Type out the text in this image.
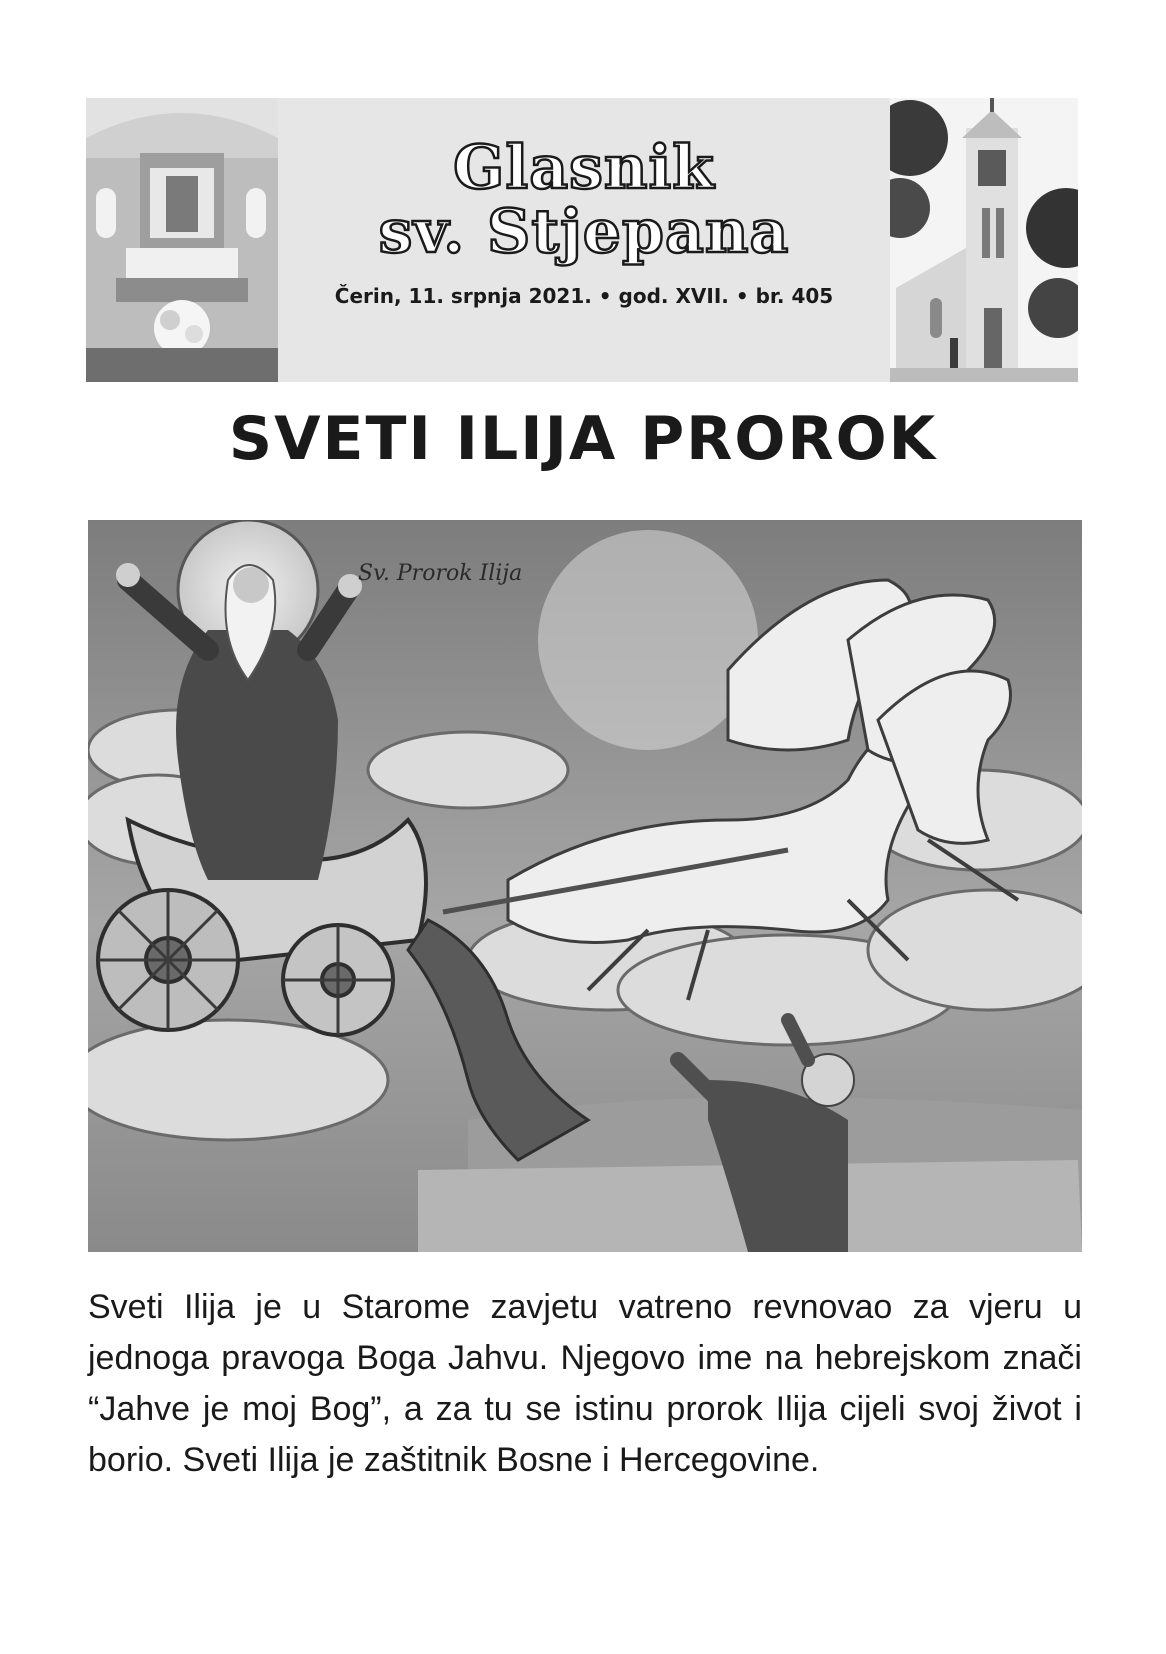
Glasnik
sv. Stjepana
Čerin, 11. srpnja 2021. • god. XVII. • br. 405
SVETI ILIJA PROROK
Sv. Prorok Ilija
Sveti Ilija je u Starome zavjetu vatreno revnovao za vjeru u jednoga pravoga Boga Jahvu. Njegovo ime na hebrejskom znači “Jahve je moj Bog”, a za tu se istinu prorok Ilija cijeli svoj život i borio. Sveti Ilija je zaštitnik Bosne i Hercegovine.
